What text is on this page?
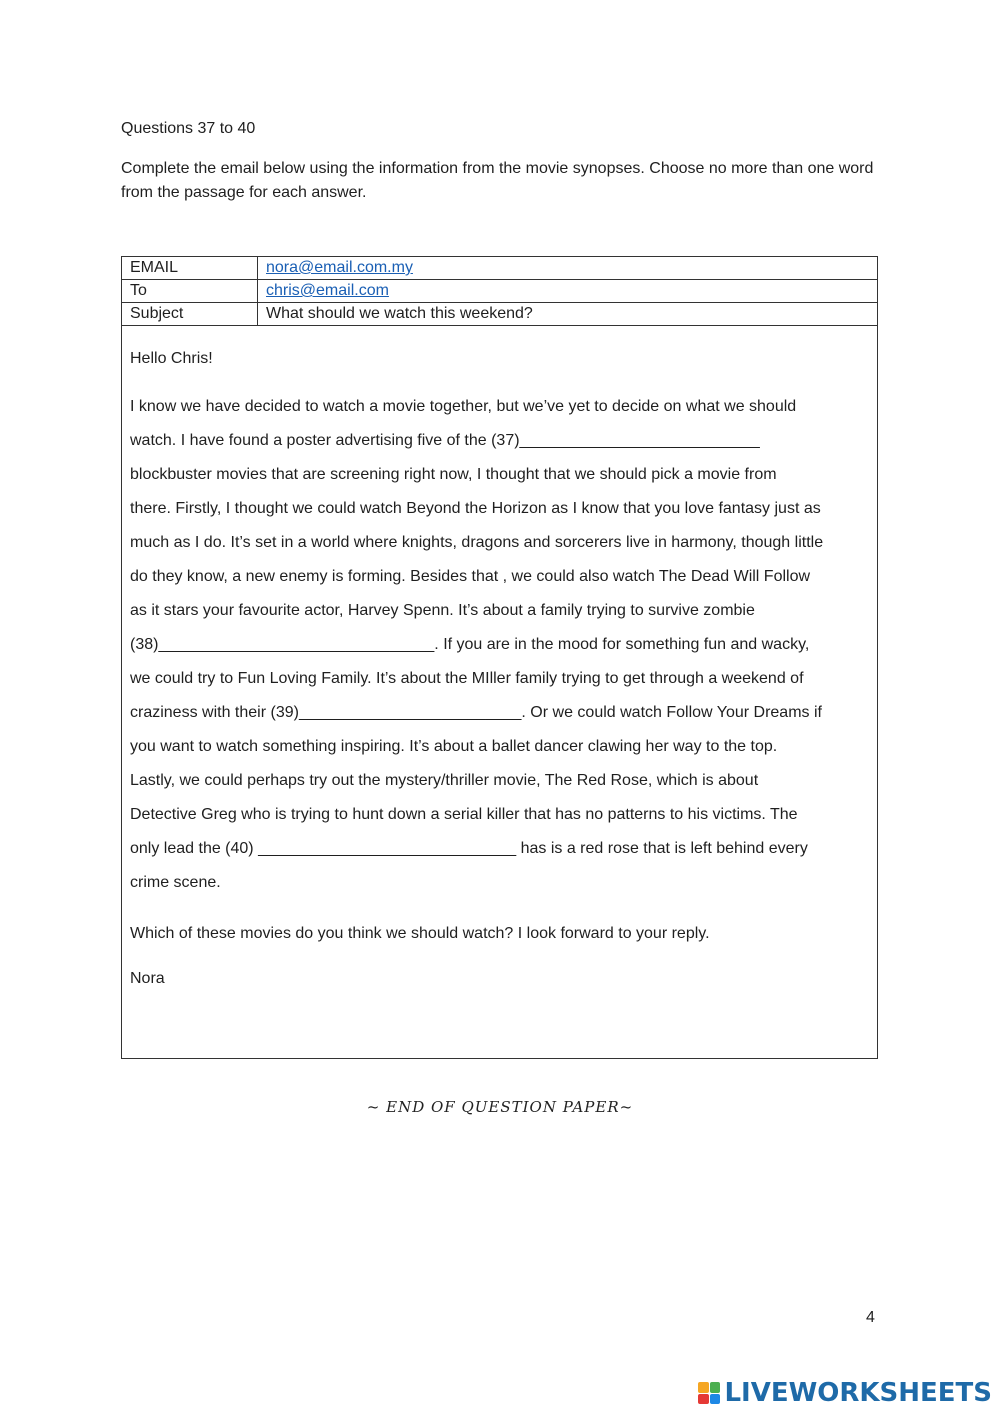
Questions 37 to 40
Complete the email below using the information from the movie synopses. Choose no more than one word from the passage for each answer.
EMAIL	nora@email.com.my
To	chris@email.com
Subject	What should we watch this weekend?

Hello Chris!
I know we have decided to watch a movie together, but we’ve yet to decide on what we should
watch. I have found a poster advertising five of the (37)___________________________
blockbuster movies that are screening right now, I thought that we should pick a movie from
there. Firstly, I thought we could watch Beyond the Horizon as I know that you love fantasy just as
much as I do. It’s set in a world where knights, dragons and sorcerers live in harmony, though little
do they know, a new enemy is forming. Besides that , we could also watch The Dead Will Follow
as it stars your favourite actor, Harvey Spenn. It’s about a family trying to survive zombie
(38)_______________________________. If you are in the mood for something fun and wacky,
we could try to Fun Loving Family. It’s about the MIller family trying to get through a weekend of
craziness with their (39)_________________________. Or we could watch Follow Your Dreams if
you want to watch something inspiring. It’s about a ballet dancer clawing her way to the top.
Lastly, we could perhaps try out the mystery/thriller movie, The Red Rose, which is about
Detective Greg who is trying to hunt down a serial killer that has no patterns to his victims. The
only lead the (40) _____________________________ has is a red rose that is left behind every
crime scene.
Which of these movies do you think we should watch? I look forward to your reply.
Nora
~ END OF QUESTION PAPER~
4
LIVEWORKSHEETS
